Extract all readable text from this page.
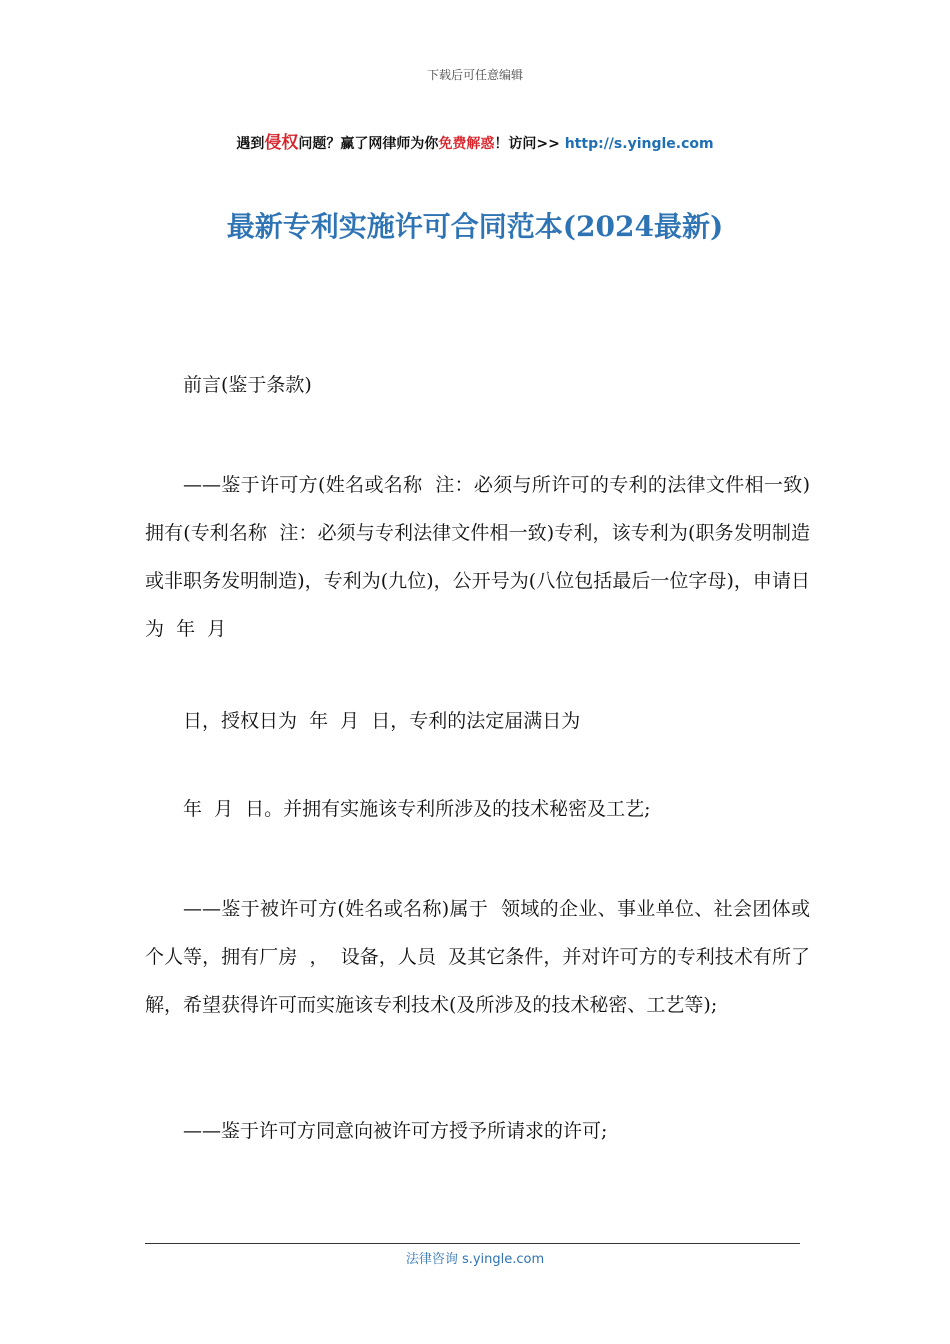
下载后可任意编辑
遇到侵权问题？赢了网律师为你免费解惑！访问>> http://s.yingle.com
最新专利实施许可合同范本(2024最新)

前言(鉴于条款)

——鉴于许可方(姓名或名称  注：必须与所许可的专利的法律文件相一致)拥有(专利名称  注：必须与专利法律文件相一致)专利，该专利为(职务发明制造或非职务发明制造)，专利为(九位)，公开号为(八位包括最后一位字母)，申请日为  年  月

日，授权日为  年  月  日，专利的法定届满日为

年  月  日。并拥有实施该专利所涉及的技术秘密及工艺;

——鉴于被许可方(姓名或名称)属于  领域的企业、事业单位、社会团体或个人等，拥有厂房  ，  设备，人员  及其它条件，并对许可方的专利技术有所了解，希望获得许可而实施该专利技术(及所涉及的技术秘密、工艺等);

——鉴于许可方同意向被许可方授予所请求的许可;

法律咨询 s.yingle.com
